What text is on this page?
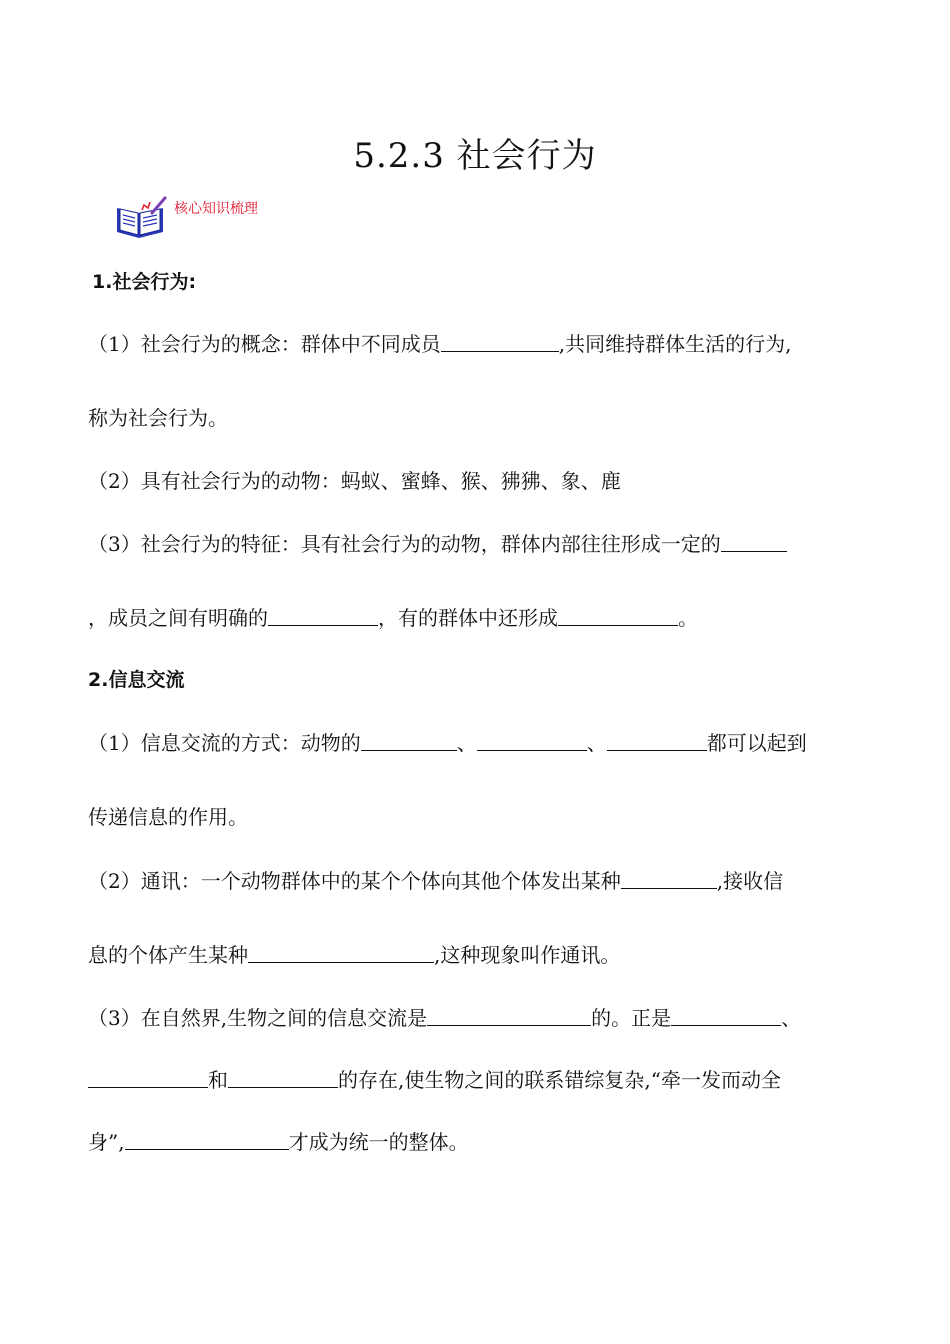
5.2.3 社会行为
核心知识梳理
1.社会行为:
（1）社会行为的概念：群体中不同成员	,共同维持群体生活的行为,
称为社会行为。
（2）具有社会行为的动物：蚂蚁、蜜蜂、猴、狒狒、象、鹿
（3）社会行为的特征：具有社会行为的动物，群体内部往往形成一定的
，成员之间有明确的	，有的群体中还形成	。
2.信息交流
（1）信息交流的方式：动物的	、	、	都可以起到
传递信息的作用。
（2）通讯：一个动物群体中的某个个体向其他个体发出某种	,接收信
息的个体产生某种	,这种现象叫作通讯。
（3）在自然界,生物之间的信息交流是	的。正是	、
和	的存在,使生物之间的联系错综复杂,“牵一发而动全
身”,	才成为统一的整体。
